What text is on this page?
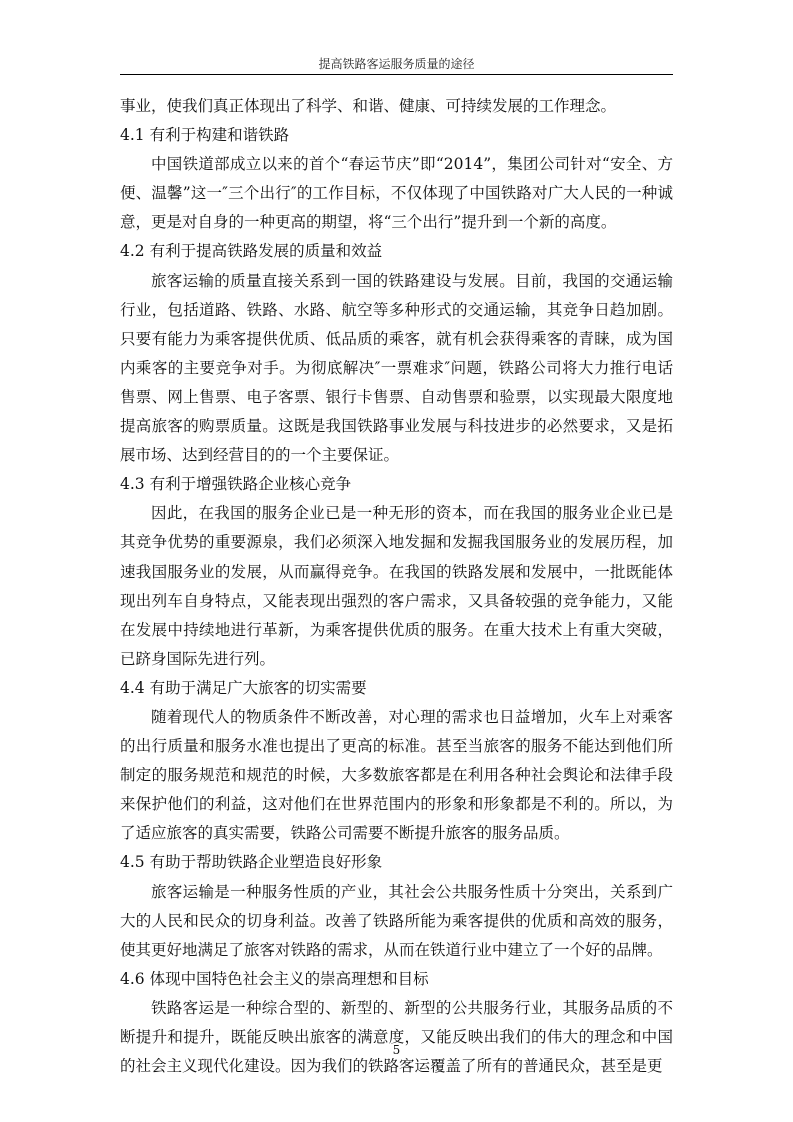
提高铁路客运服务质量的途径

事业，使我们真正体现出了科学、和谐、健康、可持续发展的工作理念。

4.1 有利于构建和谐铁路

中国铁道部成立以来的首个“春运节庆”即“2014”，集团公司针对“安全、方便、温馨”这一″三个出行″的工作目标，不仅体现了中国铁路对广大人民的一种诚意，更是对自身的一种更高的期望，将“三个出行”提升到一个新的高度。

4.2 有利于提高铁路发展的质量和效益

旅客运输的质量直接关系到一国的铁路建设与发展。目前，我国的交通运输行业，包括道路、铁路、水路、航空等多种形式的交通运输，其竞争日趋加剧。只要有能力为乘客提供优质、低品质的乘客，就有机会获得乘客的青睐，成为国内乘客的主要竞争对手。为彻底解决″一票难求″问题，铁路公司将大力推行电话售票、网上售票、电子客票、银行卡售票、自动售票和验票，以实现最大限度地提高旅客的购票质量。这既是我国铁路事业发展与科技进步的必然要求，又是拓展市场、达到经营目的的一个主要保证。

4.3 有利于增强铁路企业核心竞争

因此，在我国的服务企业已是一种无形的资本，而在我国的服务业企业已是其竞争优势的重要源泉，我们必须深入地发掘和发掘我国服务业的发展历程，加速我国服务业的发展，从而赢得竞争。在我国的铁路发展和发展中，一批既能体现出列车自身特点，又能表现出强烈的客户需求，又具备较强的竞争能力，又能在发展中持续地进行革新，为乘客提供优质的服务。在重大技术上有重大突破，已跻身国际先进行列。

4.4 有助于满足广大旅客的切实需要

随着现代人的物质条件不断改善，对心理的需求也日益增加，火车上对乘客的出行质量和服务水准也提出了更高的标准。甚至当旅客的服务不能达到他们所制定的服务规范和规范的时候，大多数旅客都是在利用各种社会舆论和法律手段来保护他们的利益，这对他们在世界范围内的形象和形象都是不利的。所以，为了适应旅客的真实需要，铁路公司需要不断提升旅客的服务品质。

4.5 有助于帮助铁路企业塑造良好形象

旅客运输是一种服务性质的产业，其社会公共服务性质十分突出，关系到广大的人民和民众的切身利益。改善了铁路所能为乘客提供的优质和高效的服务，使其更好地满足了旅客对铁路的需求，从而在铁道行业中建立了一个好的品牌。

4.6 体现中国特色社会主义的崇高理想和目标

铁路客运是一种综合型的、新型的、新型的公共服务行业，其服务品质的不断提升和提升，既能反映出旅客的满意度，又能反映出我们的伟大的理念和中国的社会主义现代化建设。因为我们的铁路客运覆盖了所有的普通民众，甚至是更

5
